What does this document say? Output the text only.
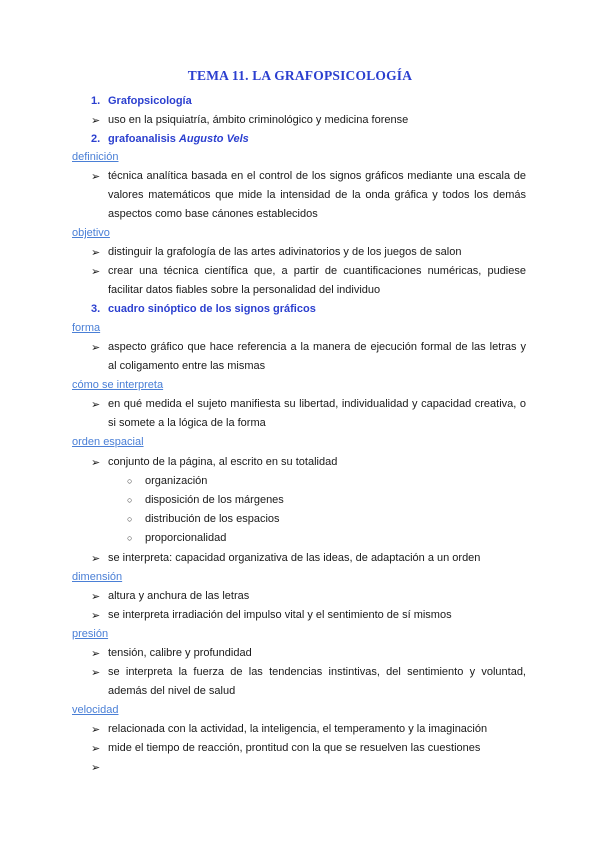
TEMA 11. LA GRAFOPSICOLOGÍA
1. Grafopsicología
➢ uso en la psiquiatría, ámbito criminológico y medicina forense
2. grafoanalisis Augusto Vels
definición
➢ técnica analítica basada en el control de los signos gráficos mediante una escala de
valores matemáticos que mide la intensidad de la onda gráfica y todos los demás
aspectos como base cánones establecidos
objetivo
➢ distinguir la grafología de las artes adivinatorios y de los juegos de salon
➢ crear una técnica científica que, a partir de cuantificaciones numéricas, pudiese
facilitar datos fiables sobre la personalidad del individuo
3. cuadro sinóptico de los signos gráficos
forma
➢ aspecto gráfico que hace referencia a la manera de ejecución formal de las letras y
al coligamento entre las mismas
cómo se interpreta
➢ en qué medida el sujeto manifiesta su libertad, individualidad y capacidad creativa, o
si somete a la lógica de la forma
orden espacial
➢ conjunto de la página, al escrito en su totalidad
○ organización
○ disposición de los márgenes
○ distribución de los espacios
○ proporcionalidad
➢ se interpreta: capacidad organizativa de las ideas, de adaptación a un orden
dimensión
➢ altura y anchura de las letras
➢ se interpreta irradiación del impulso vital y el sentimiento de sí mismos
presión
➢ tensión, calibre y profundidad
➢ se interpreta la fuerza de las tendencias instintivas, del sentimiento y voluntad,
además del nivel de salud
velocidad
➢ relacionada con la actividad, la inteligencia, el temperamento y la imaginación
➢ mide el tiempo de reacción, prontitud con la que se resuelven las cuestiones
➢
